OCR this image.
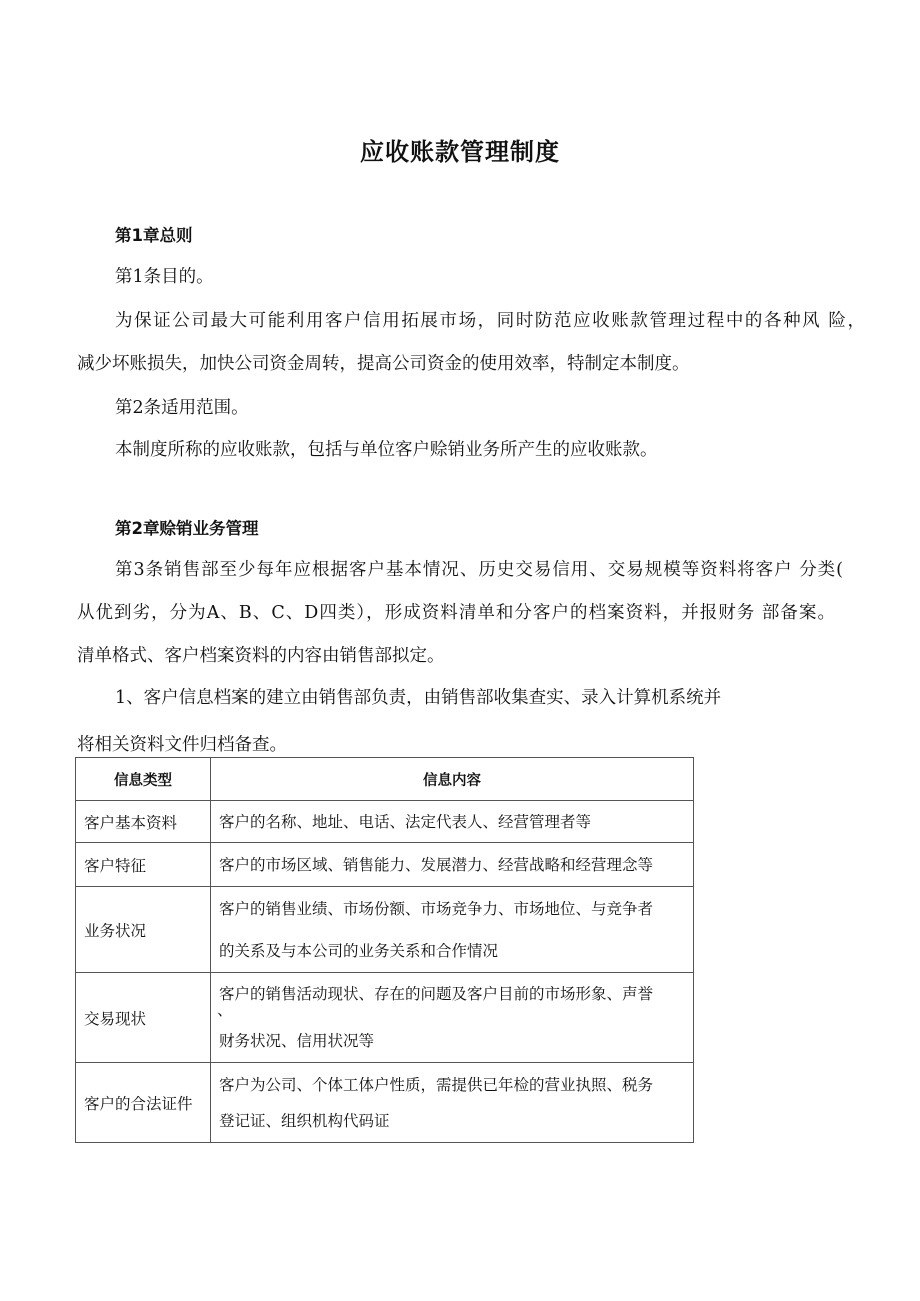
应收账款管理制度
第1章总则
第1条目的。
为保证公司最大可能利用客户信用拓展市场，同时防范应收账款管理过程中的各种风 险，
减少坏账损失，加快公司资金周转，提高公司资金的使用效率，特制定本制度。
第2条适用范围。
本制度所称的应收账款，包括与单位客户赊销业务所产生的应收账款。
第2章赊销业务管理
第3条销售部至少每年应根据客户基本情况、历史交易信用、交易规模等资料将客户 分类(
从优到劣，分为A、B、C、D四类），形成资料清单和分客户的档案资料，并报财务 部备案。
清单格式、客户档案资料的内容由销售部拟定。
1、客户信息档案的建立由销售部负责，由销售部收集查实、录入计算机系统并
将相关资料文件归档备查。
信息类型	信息内容
客户基本资料	客户的名称、地址、电话、法定代表人、经营管理者等

客户特征	客户的市场区域、销售能力、发展潜力、经营战略和经营理念等

业务状况	客户的销售业绩、市场份额、市场竞争力、市场地位、与竞争者
的关系及与本公司的业务关系和合作情况

交易现状	客户的销售活动现状、存在的问题及客户目前的市场形象、声誉
、
财务状况、信用状况等

客户的合法证件	客户为公司、个体工体户性质，需提供已年检的营业执照、税务
登记证、组织机构代码证
